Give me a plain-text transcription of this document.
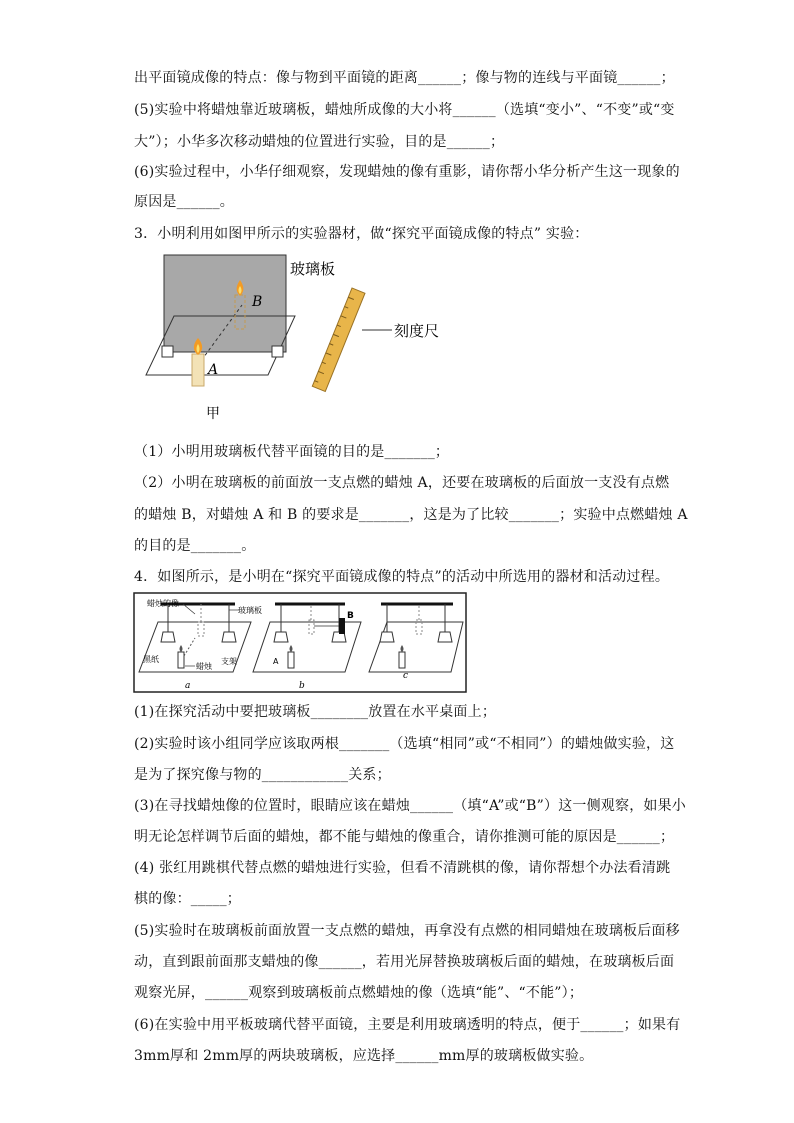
出平面镜成像的特点：像与物到平面镜的距离______；像与物的连线与平面镜______；
(5)实验中将蜡烛靠近玻璃板，蜡烛所成像的大小将______（选填“变小”、“不变”或“变
大”）；小华多次移动蜡烛的位置进行实验，目的是______；
(6)实验过程中，小华仔细观察，发现蜡烛的像有重影，请你帮小华分析产生这一现象的
原因是______。
3．小明利用如图甲所示的实验器材，做“探究平面镜成像的特点” 实验：
B
A
玻璃板
刻度尺
甲
（1）小明用玻璃板代替平面镜的目的是_______；
（2）小明在玻璃板的前面放一支点燃的蜡烛 A，还要在玻璃板的后面放一支没有点燃
的蜡烛 B，对蜡烛 A 和 B 的要求是_______，这是为了比较_______；实验中点燃蜡烛 A
的目的是_______。
4．如图所示，是小明在“探究平面镜成像的特点”的活动中所选用的器材和活动过程。
蜡烛的像
玻璃板
黑纸	支架
蜡烛
a
B
A
b
c
(1)在探究活动中要把玻璃板________放置在水平桌面上；
(2)实验时该小组同学应该取两根_______（选填“相同”或“不相同”）的蜡烛做实验，这
是为了探究像与物的____________关系；
(3)在寻找蜡烛像的位置时，眼睛应该在蜡烛______（填“A”或“B”）这一侧观察，如果小
明无论怎样调节后面的蜡烛，都不能与蜡烛的像重合，请你推测可能的原因是______；
(4) 张红用跳棋代替点燃的蜡烛进行实验，但看不清跳棋的像，请你帮想个办法看清跳
棋的像：_____；
(5)实验时在玻璃板前面放置一支点燃的蜡烛，再拿没有点燃的相同蜡烛在玻璃板后面移
动，直到跟前面那支蜡烛的像______，若用光屏替换玻璃板后面的蜡烛，在玻璃板后面
观察光屏，______观察到玻璃板前点燃蜡烛的像（选填“能”、“不能”）；
(6)在实验中用平板玻璃代替平面镜，主要是利用玻璃透明的特点，便于______；如果有
3mm厚和 2mm厚的两块玻璃板，应选择______mm厚的玻璃板做实验。
